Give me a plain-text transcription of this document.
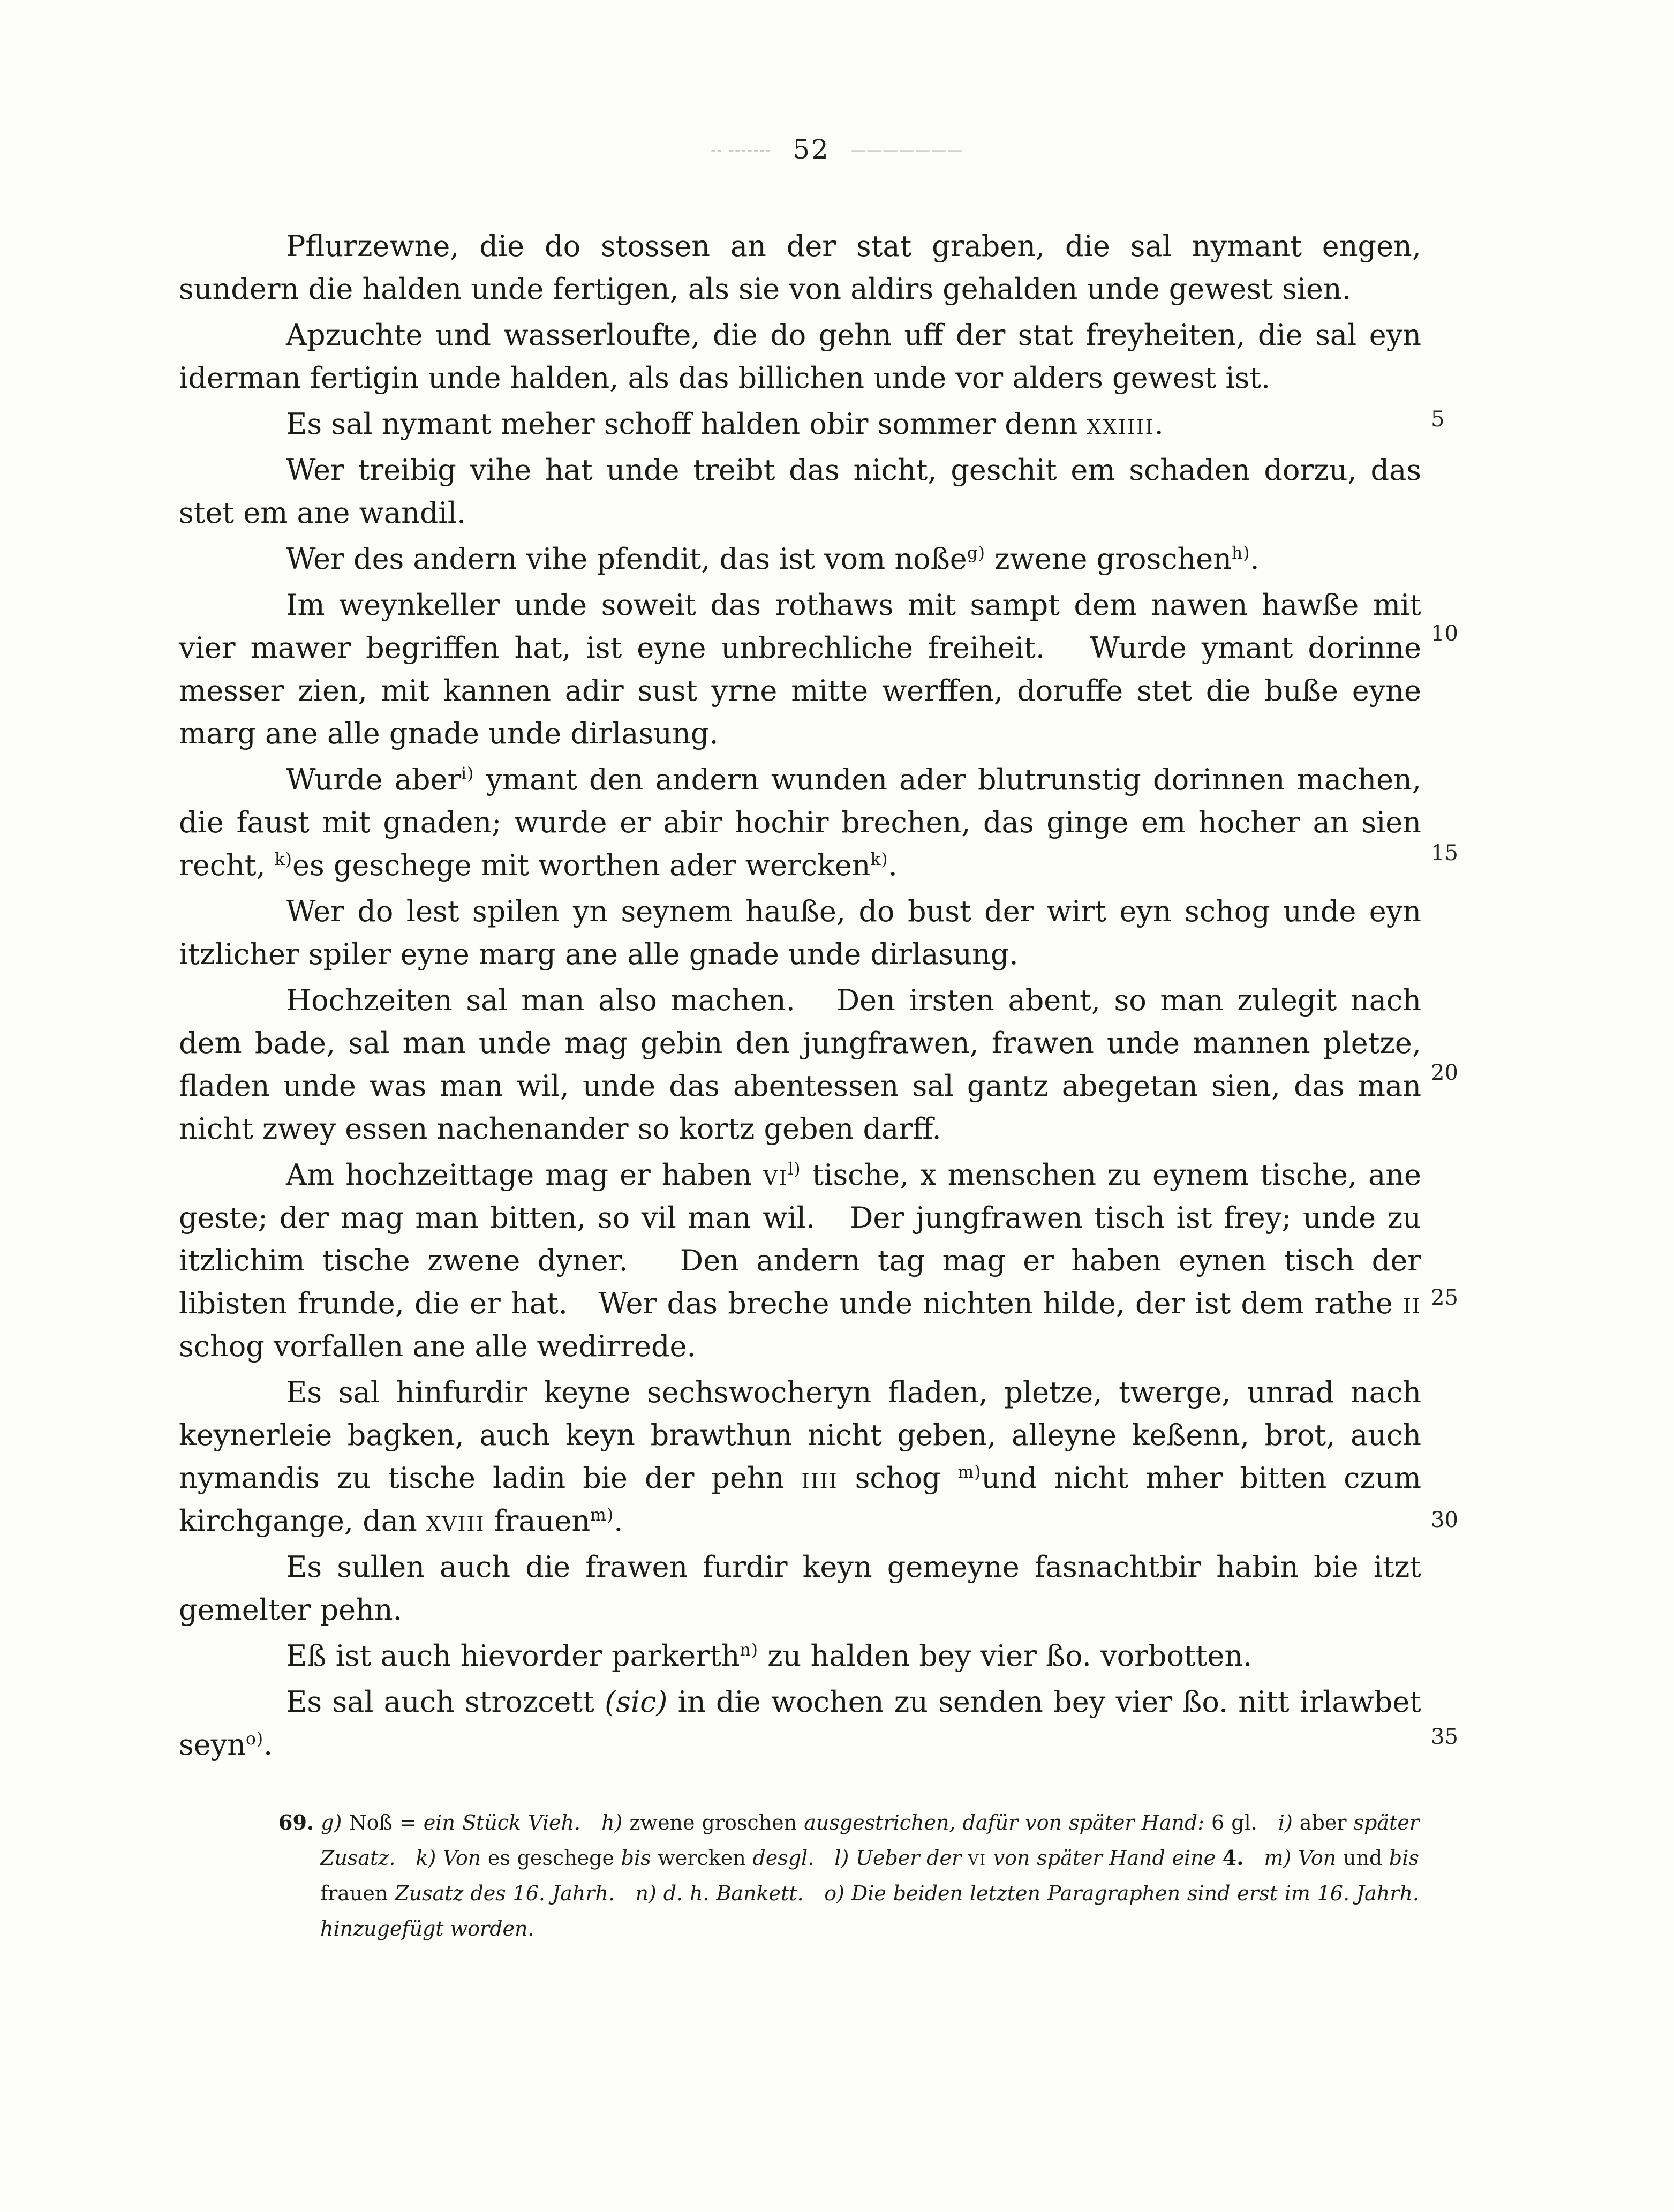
-- ------- 52 ———————

Pflurzewne, die do stossen an der stat graben, die sal nymant engen, sundern die halden unde fertigen, als sie von aldirs gehalden unde gewest sien.

Apzuchte und wasserloufte, die do gehn uff der stat freyheiten, die sal eyn iderman fertigin unde halden, als das billichen unde vor alders gewest ist.

Es sal nymant meher schoff halden obir sommer denn xxiiii.

Wer treibig vihe hat unde treibt das nicht, geschit em schaden dorzu, das stet em ane wandil.

Wer des andern vihe pfendit, das ist vom noße$^{g)}$ zwene groschen$^{h)}$.

Im weynkeller unde soweit das rothaws mit sampt dem nawen hawße mit vier mawer begriffen hat, ist eyne unbrechliche freiheit.   Wurde ymant dorinne messer zien, mit kannen adir sust yrne mitte werffen, doruffe stet die buße eyne marg ane alle gnade unde dirlasung.

Wurde aber$^{i)}$ ymant den andern wunden ader blutrunstig dorinnen machen, die faust mit gnaden; wurde er abir hochir brechen, das ginge em hocher an sien recht, $^{k)}$es geschege mit worthen ader wercken$^{k)}$.

Wer do lest spilen yn seynem hauße, do bust der wirt eyn schog unde eyn itzlicher spiler eyne marg ane alle gnade unde dirlasung.

Hochzeiten sal man also machen.   Den irsten abent, so man zulegit nach dem bade, sal man unde mag gebin den jungfrawen, frawen unde mannen pletze, fladen unde was man wil, unde das abentessen sal gantz abegetan sien, das man nicht zwey essen nachenander so kortz geben darff.

Am hochzeittage mag er haben $vi^{l)}$ tische, x menschen zu eynem tische, ane geste; der mag man bitten, so vil man wil.   Der jungfrawen tisch ist frey; unde zu itzlichim tische zwene dyner.   Den andern tag mag er haben eynen tisch der libisten frunde, die er hat.   Wer das breche unde nichten hilde, der ist dem rathe ii schog vorfallen ane alle wedirrede.

Es sal hinfurdir keyne sechswocheryn fladen, pletze, twerge, unrad nach keynerleie bagken, auch keyn brawthun nicht geben, alleyne keßenn, brot, auch nymandis zu tische ladin bie der pehn iiii schog $^{m)}$und nicht mher bitten czum kirchgange, dan xviii frauen$^{m)}$.

Es sullen auch die frawen furdir keyn gemeyne fasnachtbir habin bie itzt gemelter pehn.

Eß ist auch hievorder parkerth$^{n)}$ zu halden bey vier ßo. vorbotten.

Es sal auch strozcett (sic) in die wochen zu senden bey vier ßo. nitt irlawbet seyn$^{o)}$.

5
10
15
20
25
30
35

69. g) Noß = ein Stück Vieh. h) zwene groschen ausgestrichen, dafür von später Hand: 6 gl.   i) aber später Zusatz. k) Von es geschege bis wercken desgl. l) Ueber der vi von später Hand eine 4. m) Von und bis frauen Zusatz des 16. Jahrh. n) d. h. Bankett. o) Die beiden letzten Paragraphen sind erst im 16. Jahrh. hinzugefügt worden.
